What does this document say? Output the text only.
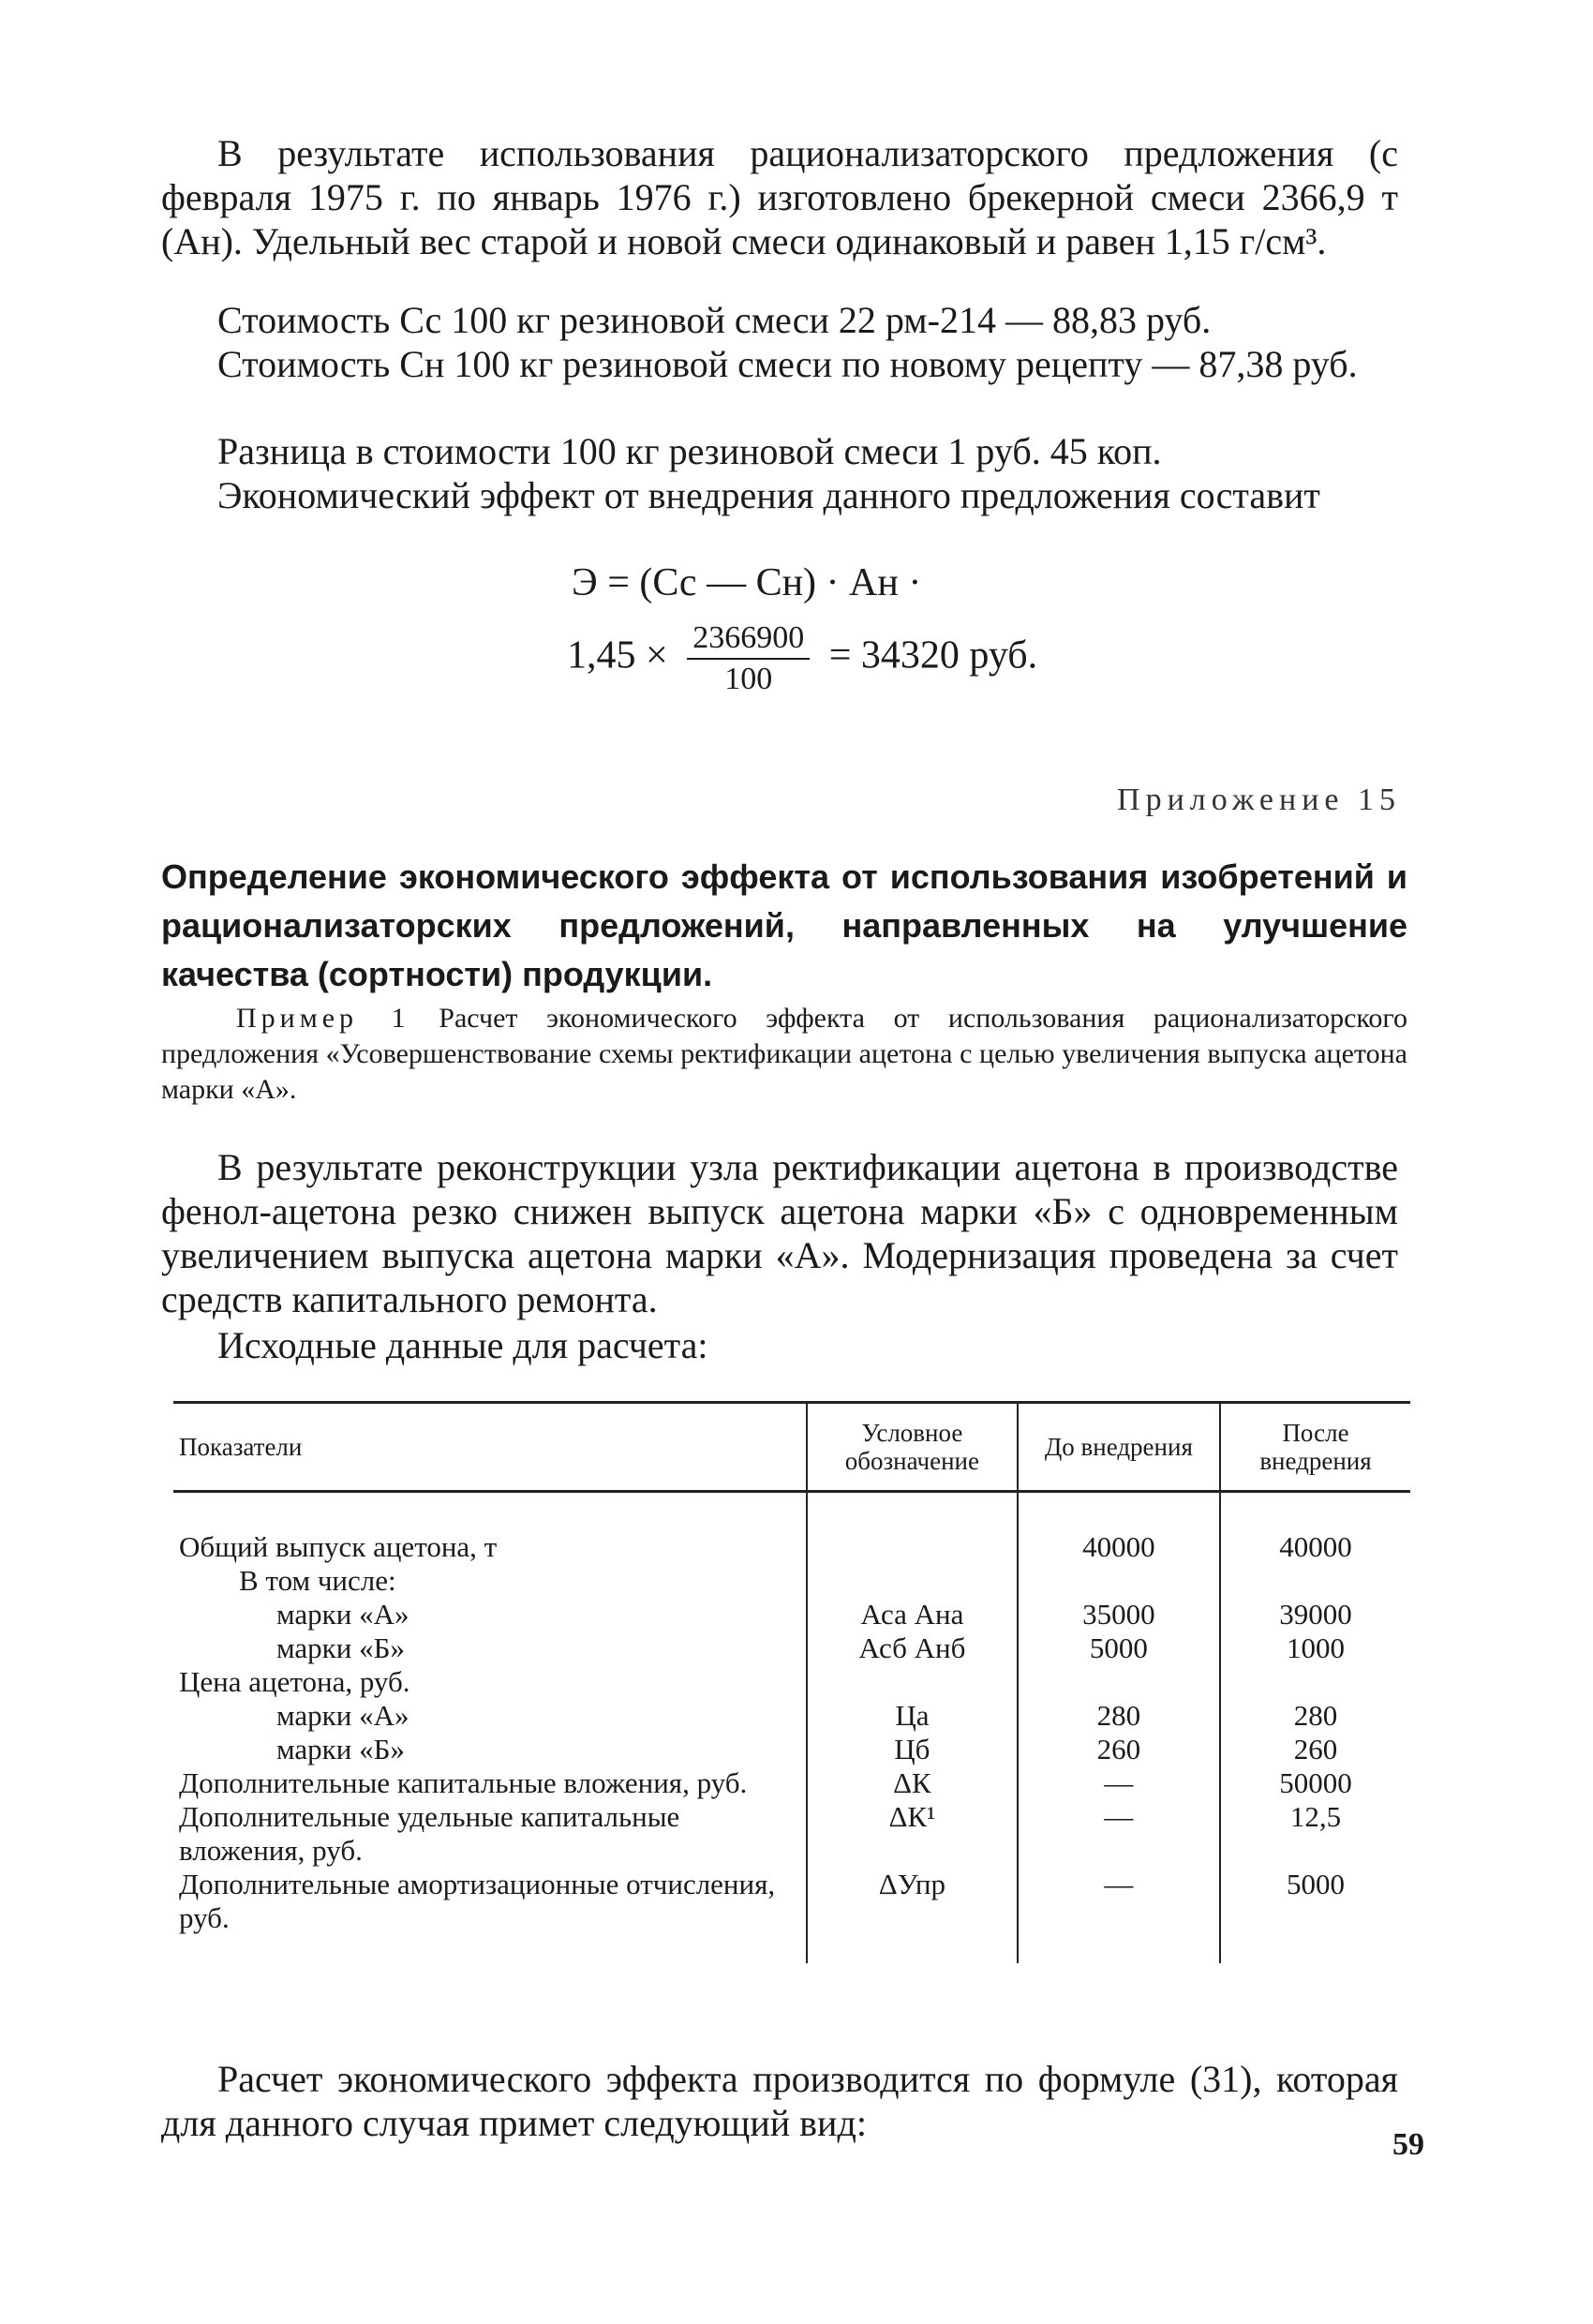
В результате использования рационализаторского предложения (с февраля 1975 г. по январь 1976 г.) изготовлено брекерной смеси 2366,9 т (Ан). Удельный вес старой и новой смеси одинаковый и равен 1,15 г/см³.

Стоимость Сс 100 кг резиновой смеси 22 рм-214 — 88,83 руб.

Стоимость Сн 100 кг резиновой смеси по новому рецепту — 87,38 руб.

Разница в стоимости 100 кг резиновой смеси 1 руб. 45 коп.

Экономический эффект от внедрения данного предложения составит

Э = (Сс — Сн) · Ан ·
$1,45 \times \frac{2366900}{100} = 34320$ руб.
Приложение 15

Определение экономического эффекта от использования изобретений и рационализаторских предложений, направленных на улучшение качества (сортности) продукции.

Пример 1 Расчет экономического эффекта от использования рационализаторского предложения «Усовершенствование схемы ректификации ацетона с целью увеличения выпуска ацетона марки «А».

В результате реконструкции узла ректификации ацетона в производстве фенол-ацетона резко снижен выпуск ацетона марки «Б» с одновременным увеличением выпуска ацетона марки «А». Модернизация проведена за счет средств капитального ремонта.

Исходные данные для расчета:

Показатели	Условное обозначение	До внедрения	После внедрения
Общий выпуск ацетона, т		40000	40000
В том числе:			
марки «А»	Аса Ана	35000	39000
марки «Б»	Асб Анб	5000	1000
Цена ацетона, руб.			
марки «А»	Ца	280	280
марки «Б»	Цб	260	260
Дополнительные капитальные вложения, руб.	ΔК	—	50000
Дополнительные удельные капитальные вложения, руб.	ΔК¹	—	12,5
Дополнительные амортизационные отчисления, руб.	ΔУпр	—	5000

Расчет экономического эффекта производится по формуле (31), которая для данного случая примет следующий вид:

59
